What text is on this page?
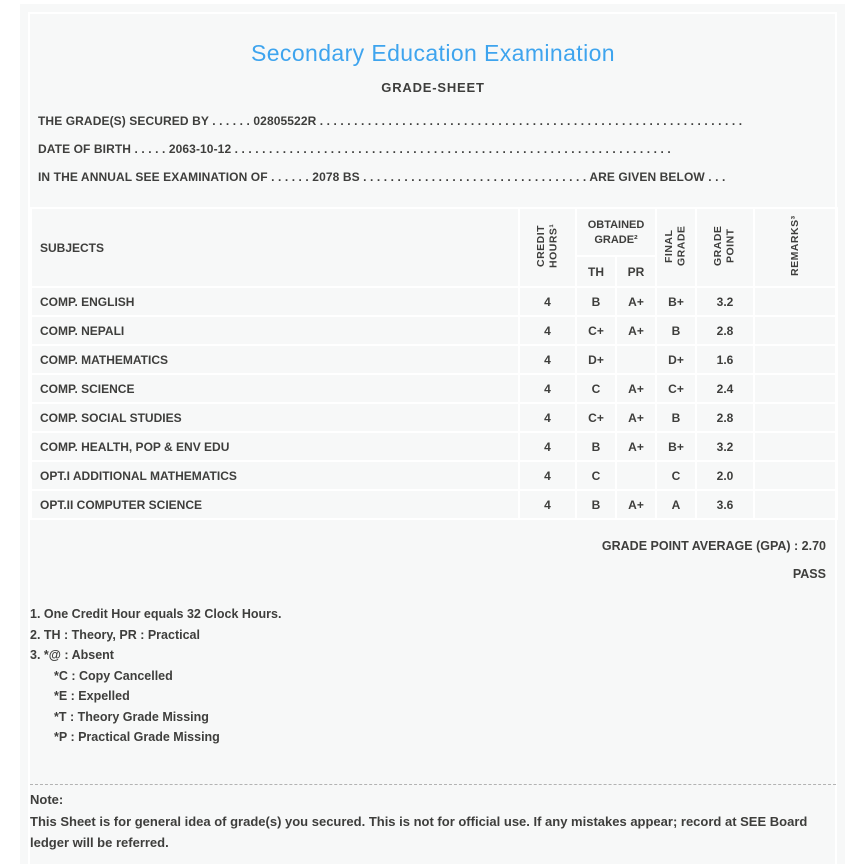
Secondary Education Examination
GRADE-SHEET
THE GRADE(S) SECURED BY . . . . . . 02805522R . . . . . . . . . . . . . . . . . . . . . . . . . . . . . . . . . . . . . . . . . . . . . . . . . . . . . . . . . . . . . .
DATE OF BIRTH . . . . . 2063-10-12 . . . . . . . . . . . . . . . . . . . . . . . . . . . . . . . . . . . . . . . . . . . . . . . . . . . . . . . . . . . . . . . .
IN THE ANNUAL SEE EXAMINATION OF . . . . . . 2078 BS . . . . . . . . . . . . . . . . . . . . . . . . . . . . . . . . . ARE GIVEN BELOW . . .
SUBJECTS	CREDIT HOURS¹	OBTAINED GRADE²		FINAL GRADE	GRADE POINT	REMARKS³
		TH	PR			
COMP. ENGLISH	4	B	A+	B+	3.2	
COMP. NEPALI	4	C+	A+	B	2.8	
COMP. MATHEMATICS	4	D+		D+	1.6	
COMP. SCIENCE	4	C	A+	C+	2.4	
COMP. SOCIAL STUDIES	4	C+	A+	B	2.8	
COMP. HEALTH, POP & ENV EDU	4	B	A+	B+	3.2	
OPT.I ADDITIONAL MATHEMATICS	4	C		C	2.0	
OPT.II COMPUTER SCIENCE	4	B	A+	A	3.6	
GRADE POINT AVERAGE (GPA) : 2.70
PASS
1. One Credit Hour equals 32 Clock Hours.
2. TH : Theory, PR : Practical
3. *@ : Absent
*C : Copy Cancelled
*E : Expelled
*T : Theory Grade Missing
*P : Practical Grade Missing
Note:

This Sheet is for general idea of grade(s) you secured. This is not for official use. If any mistakes appear; record at SEE Board ledger will be referred.
